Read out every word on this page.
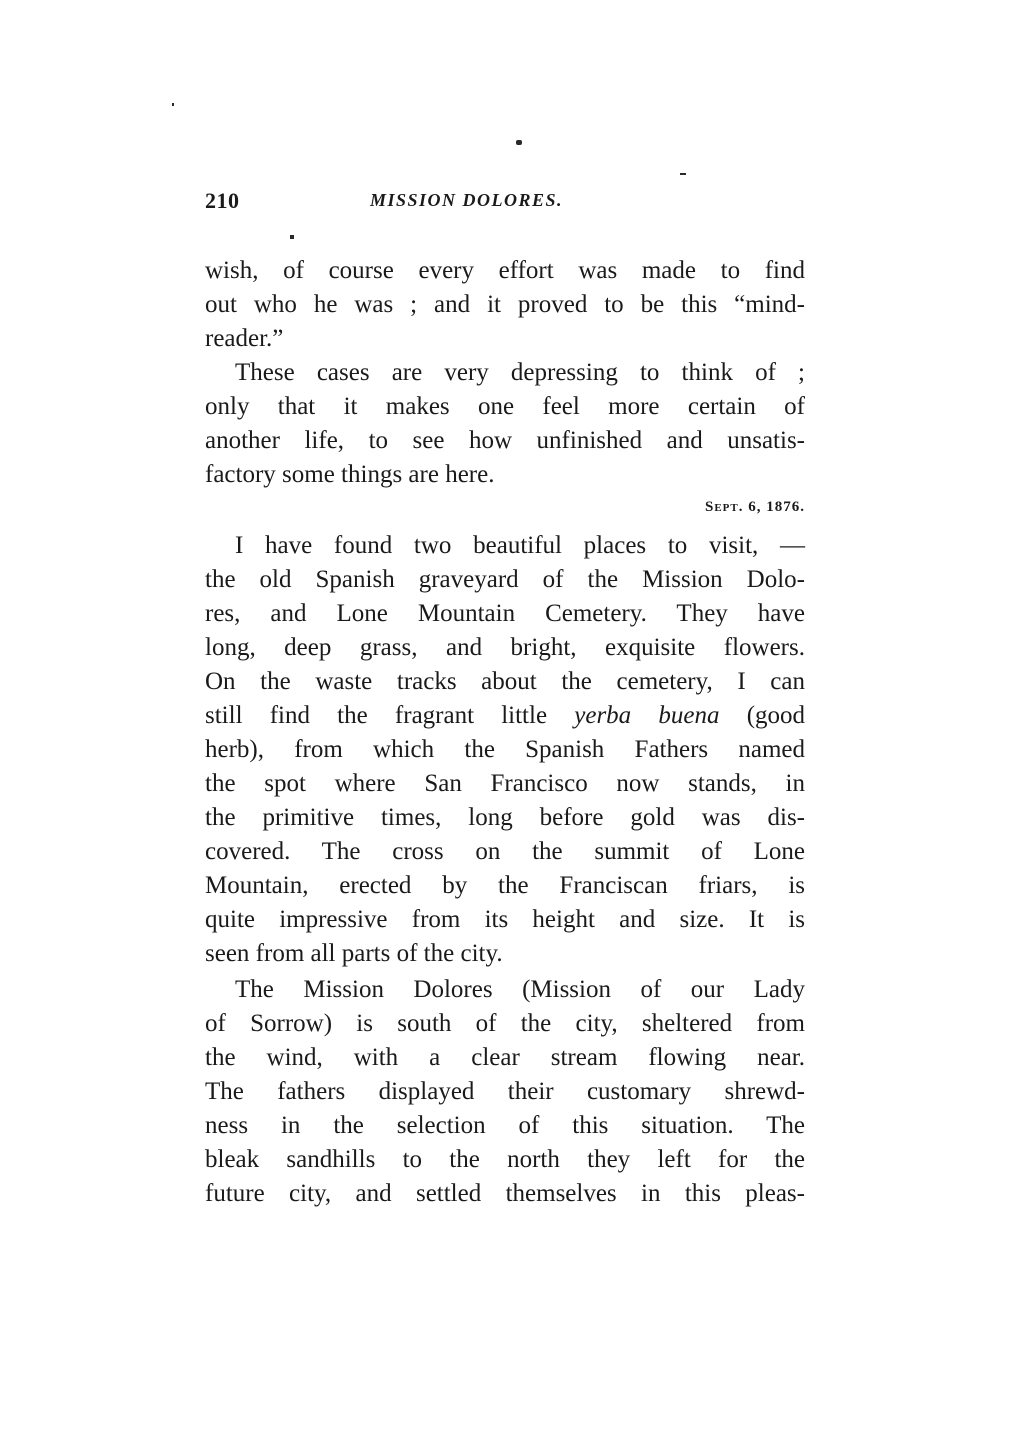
210	MISSION DOLORES.
wish, of course every effort was made to find
out who he was ; and it proved to be this “mind-
reader.”
These cases are very depressing to think of ;
only that it makes one feel more certain of
another life, to see how unfinished and unsatis-
factory some things are here.
Sept. 6, 1876.
I have found two beautiful places to visit, —
the old Spanish graveyard of the Mission Dolo-
res, and Lone Mountain Cemetery. They have
long, deep grass, and bright, exquisite flowers.
On the waste tracks about the cemetery, I can
still find the fragrant little yerba buena (good
herb), from which the Spanish Fathers named
the spot where San Francisco now stands, in
the primitive times, long before gold was dis-
covered. The cross on the summit of Lone
Mountain, erected by the Franciscan friars, is
quite impressive from its height and size. It is
seen from all parts of the city.
The Mission Dolores (Mission of our Lady
of Sorrow) is south of the city, sheltered from
the wind, with a clear stream flowing near.
The fathers displayed their customary shrewd-
ness in the selection of this situation. The
bleak sandhills to the north they left for the
future city, and settled themselves in this pleas-
